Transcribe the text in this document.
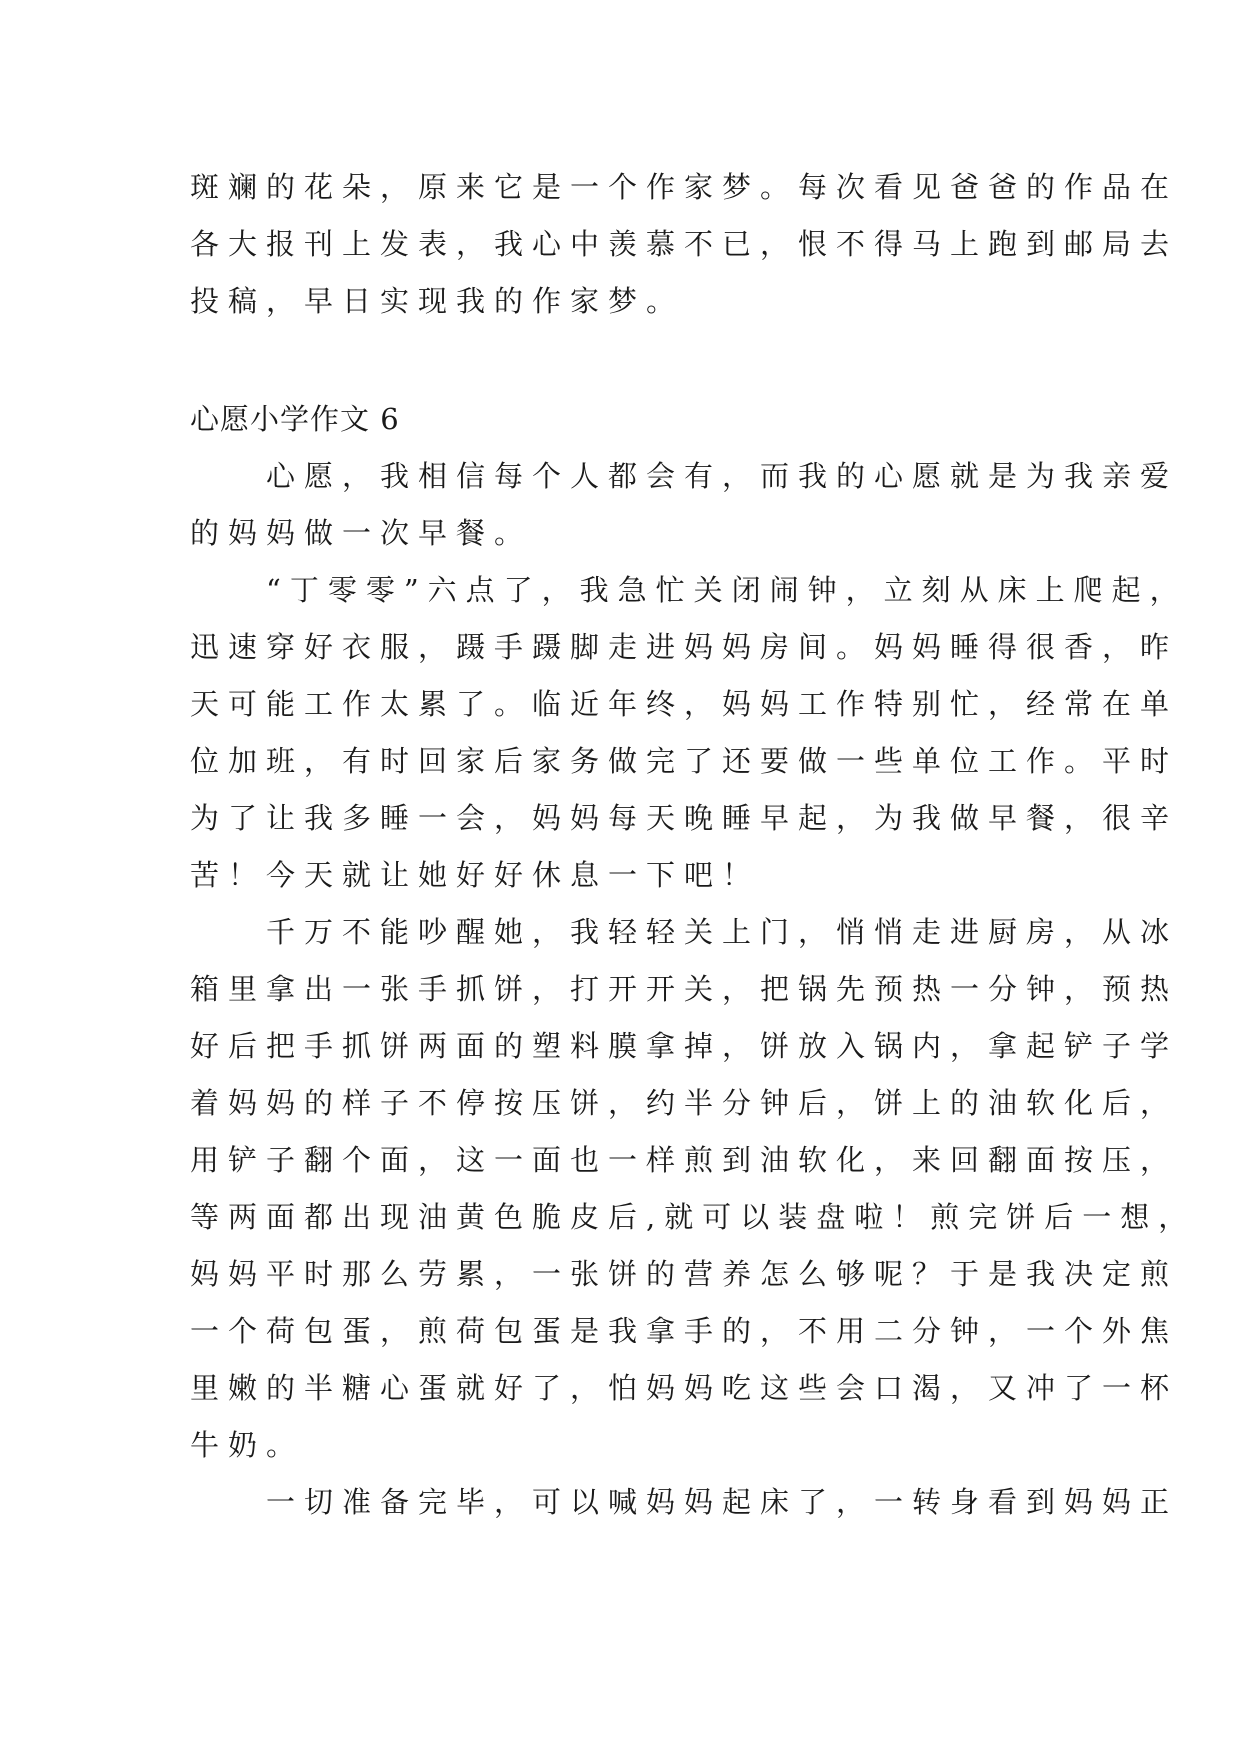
斑斓的花朵，原来它是一个作家梦。每次看见爸爸的作品在
各大报刊上发表，我心中羡慕不已，恨不得马上跑到邮局去
投稿，早日实现我的作家梦。
心愿小学作文 6
　　心愿，我相信每个人都会有，而我的心愿就是为我亲爱
的妈妈做一次早餐。
　　“丁零零”六点了，我急忙关闭闹钟，立刻从床上爬起，
迅速穿好衣服，蹑手蹑脚走进妈妈房间。妈妈睡得很香，昨
天可能工作太累了。临近年终，妈妈工作特别忙，经常在单
位加班，有时回家后家务做完了还要做一些单位工作。平时
为了让我多睡一会，妈妈每天晚睡早起，为我做早餐，很辛
苦！今天就让她好好休息一下吧！
　　千万不能吵醒她，我轻轻关上门，悄悄走进厨房，从冰
箱里拿出一张手抓饼，打开开关，把锅先预热一分钟，预热
好后把手抓饼两面的塑料膜拿掉，饼放入锅内，拿起铲子学
着妈妈的样子不停按压饼，约半分钟后，饼上的油软化后，
用铲子翻个面，这一面也一样煎到油软化，来回翻面按压，
等两面都出现油黄色脆皮后,就可以装盘啦！煎完饼后一想，
妈妈平时那么劳累，一张饼的营养怎么够呢？于是我决定煎
一个荷包蛋，煎荷包蛋是我拿手的，不用二分钟，一个外焦
里嫩的半糖心蛋就好了，怕妈妈吃这些会口渴，又冲了一杯
牛奶。
　　一切准备完毕，可以喊妈妈起床了，一转身看到妈妈正
